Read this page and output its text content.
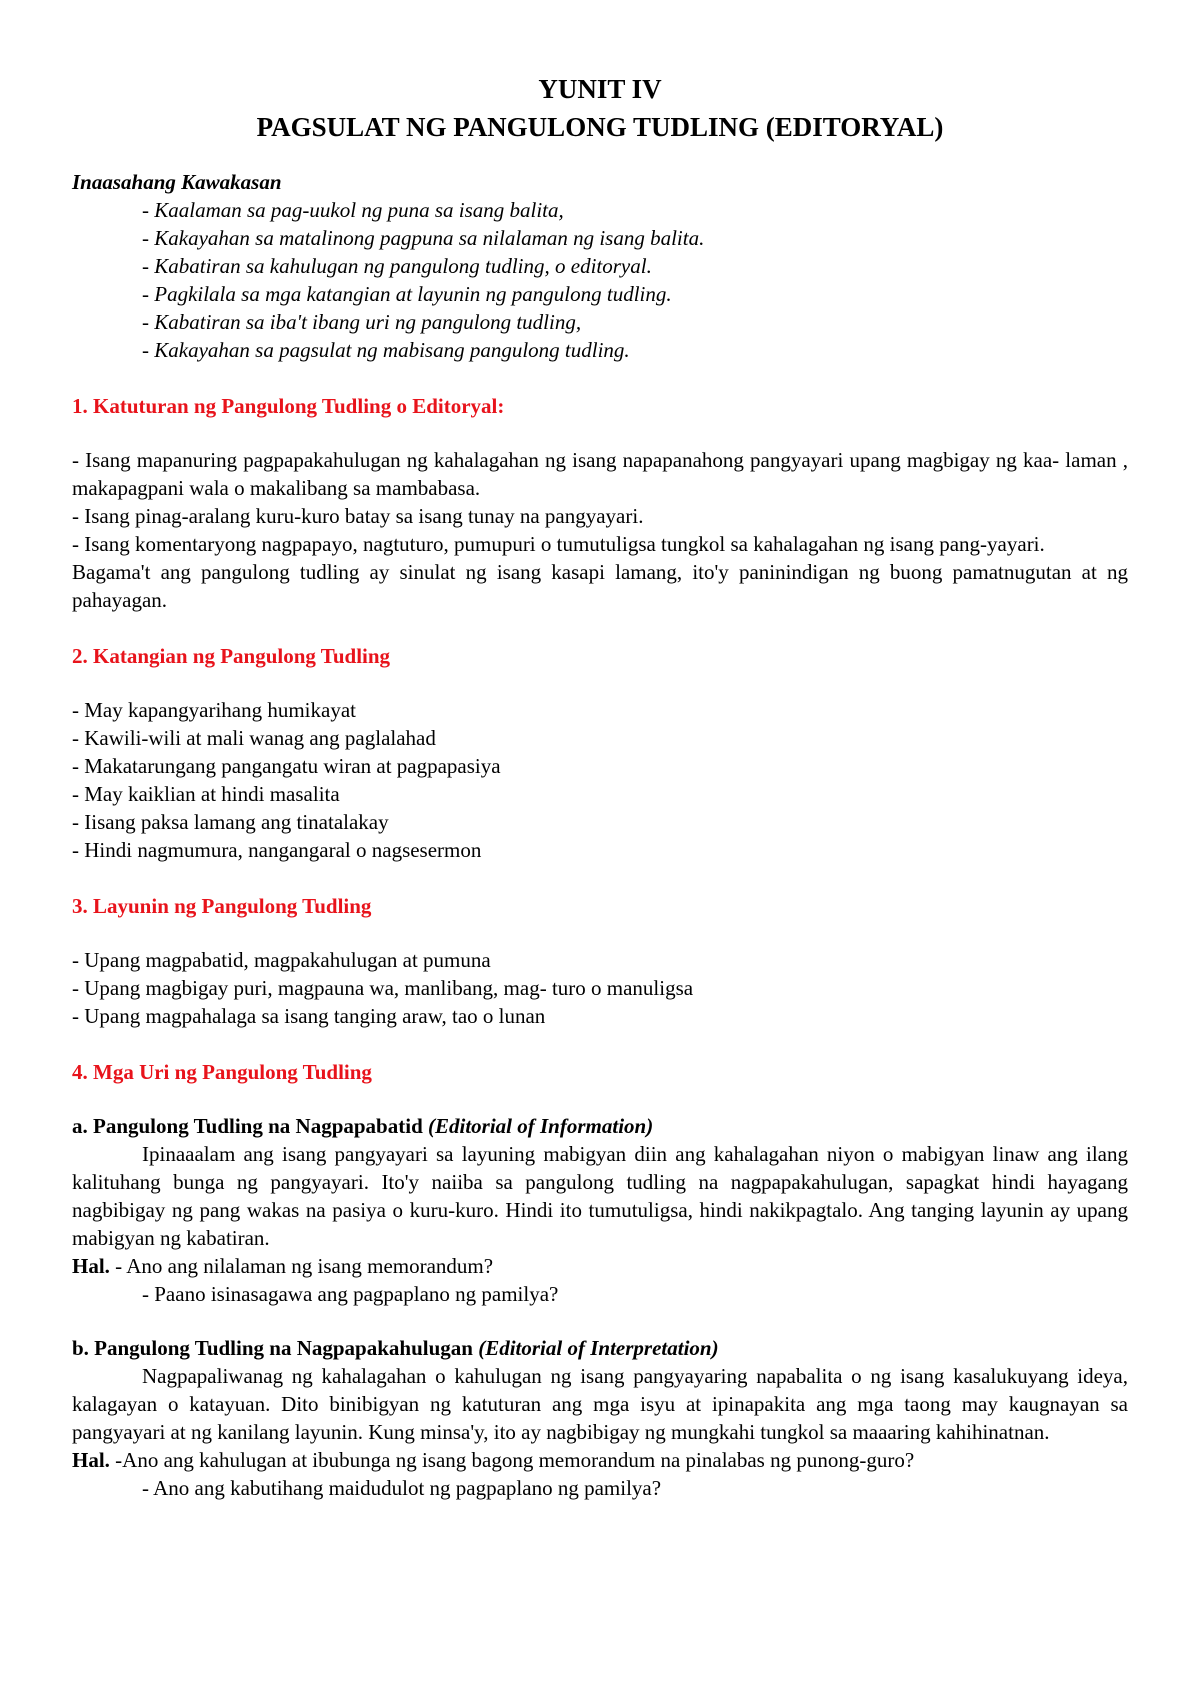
YUNIT IV
PAGSULAT NG PANGULONG TUDLING (EDITORYAL)

Inaasahang Kawakasan

- Kaalaman sa pag-uukol ng puna sa isang balita,
- Kakayahan sa matalinong pagpuna sa nilalaman ng isang balita.
- Kabatiran sa kahulugan ng pangulong tudling, o editoryal.
- Pagkilala sa mga katangian at layunin ng pangulong tudling.
- Kabatiran sa iba't ibang uri ng pangulong tudling,
- Kakayahan sa pagsulat ng mabisang pangulong tudling.

1. Katuturan ng Pangulong Tudling o Editoryal:

- Isang mapanuring pagpapakahulugan ng kahalagahan ng isang napapanahong pangyayari upang magbigay ng kaa- laman , makapagpani wala o makalibang sa mambabasa.

- Isang pinag-aralang kuru-kuro batay sa isang tunay na pangyayari.

- Isang komentaryong nagpapayo, nagtuturo, pumupuri o tumutuligsa tungkol sa kahalagahan ng isang pang-yayari.

Bagama't ang pangulong tudling ay sinulat ng isang kasapi lamang, ito'y paninindigan ng buong pamatnugutan at ng pahayagan.

2. Katangian ng Pangulong Tudling

- May kapangyarihang humikayat

- Kawili-wili at mali wanag ang paglalahad

- Makatarungang pangangatu wiran at pagpapasiya

- May kaiklian at hindi masalita

- Iisang paksa lamang ang tinatalakay

- Hindi nagmumura, nangangaral o nagsesermon

3. Layunin ng Pangulong Tudling

- Upang magpabatid, magpakahulugan at pumuna

- Upang magbigay puri, magpauna wa, manlibang, mag- turo o manuligsa

- Upang magpahalaga sa isang tanging araw, tao o lunan

4. Mga Uri ng Pangulong Tudling

a. Pangulong Tudling na Nagpapabatid (Editorial of Information)

Ipinaaalam ang isang pangyayari sa layuning mabigyan diin ang kahalagahan niyon o mabigyan linaw ang ilang kalituhang bunga ng pangyayari. Ito'y naiiba sa pangulong tudling na nagpapakahulugan, sapagkat hindi hayagang nagbibigay ng pang wakas na pasiya o kuru-kuro. Hindi ito tumutuligsa, hindi nakikpagtalo. Ang tanging layunin ay upang mabigyan ng kabatiran.

Hal. - Ano ang nilalaman ng isang memorandum?

- Paano isinasagawa ang pagpaplano ng pamilya?

b. Pangulong Tudling na Nagpapakahulugan (Editorial of Interpretation)

Nagpapaliwanag ng kahalagahan o kahulugan ng isang pangyayaring napabalita o ng isang kasalukuyang ideya, kalagayan o katayuan. Dito binibigyan ng katuturan ang mga isyu at ipinapakita ang mga taong may kaugnayan sa pangyayari at ng kanilang layunin. Kung minsa'y, ito ay nagbibigay ng mungkahi tungkol sa maaaring kahihinatnan.

Hal. -Ano ang kahulugan at ibubunga ng isang bagong memorandum na pinalabas ng punong-guro?

- Ano ang kabutihang maidudulot ng pagpaplano ng pamilya?
